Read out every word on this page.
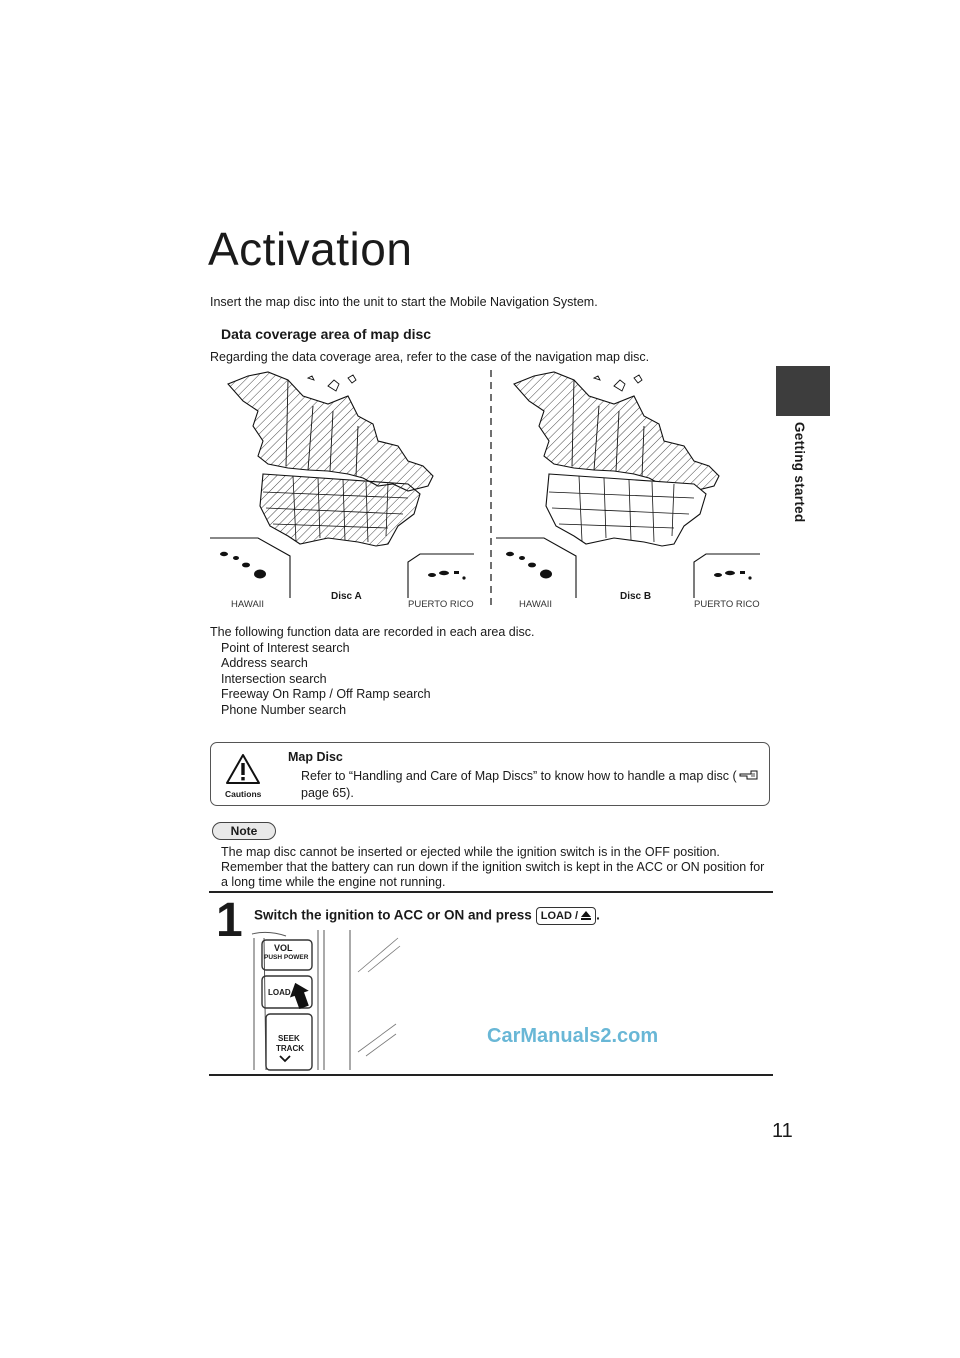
Activation
Insert the map disc into the unit to start the Mobile Navigation System.
Getting started
Data coverage area of map disc
Regarding the data coverage area, refer to the case of the navigation map disc.
HAWAII
Disc A
PUERTO RICO	HAWAII
Disc B
PUERTO RICO
The following function data are recorded in each area disc.
Point of Interest search
Address search
Intersection search
Freeway On Ramp / Off Ramp search
Phone Number search
Cautions
Map Disc
Refer to “Handling and Care of Map Discs” to know how to handle a map disc ( page 65).
Note
The map disc cannot be inserted or ejected while the ignition switch is in the OFF position. Remember that the battery can run down if the ignition switch is kept in the ACC or ON position for a long time while the engine not running.
1 Switch the ignition to ACC or ON and press LOAD / .
VOL
PUSH POWER
LOAD /
SEEK
TRACK
CarManuals2.com
11
